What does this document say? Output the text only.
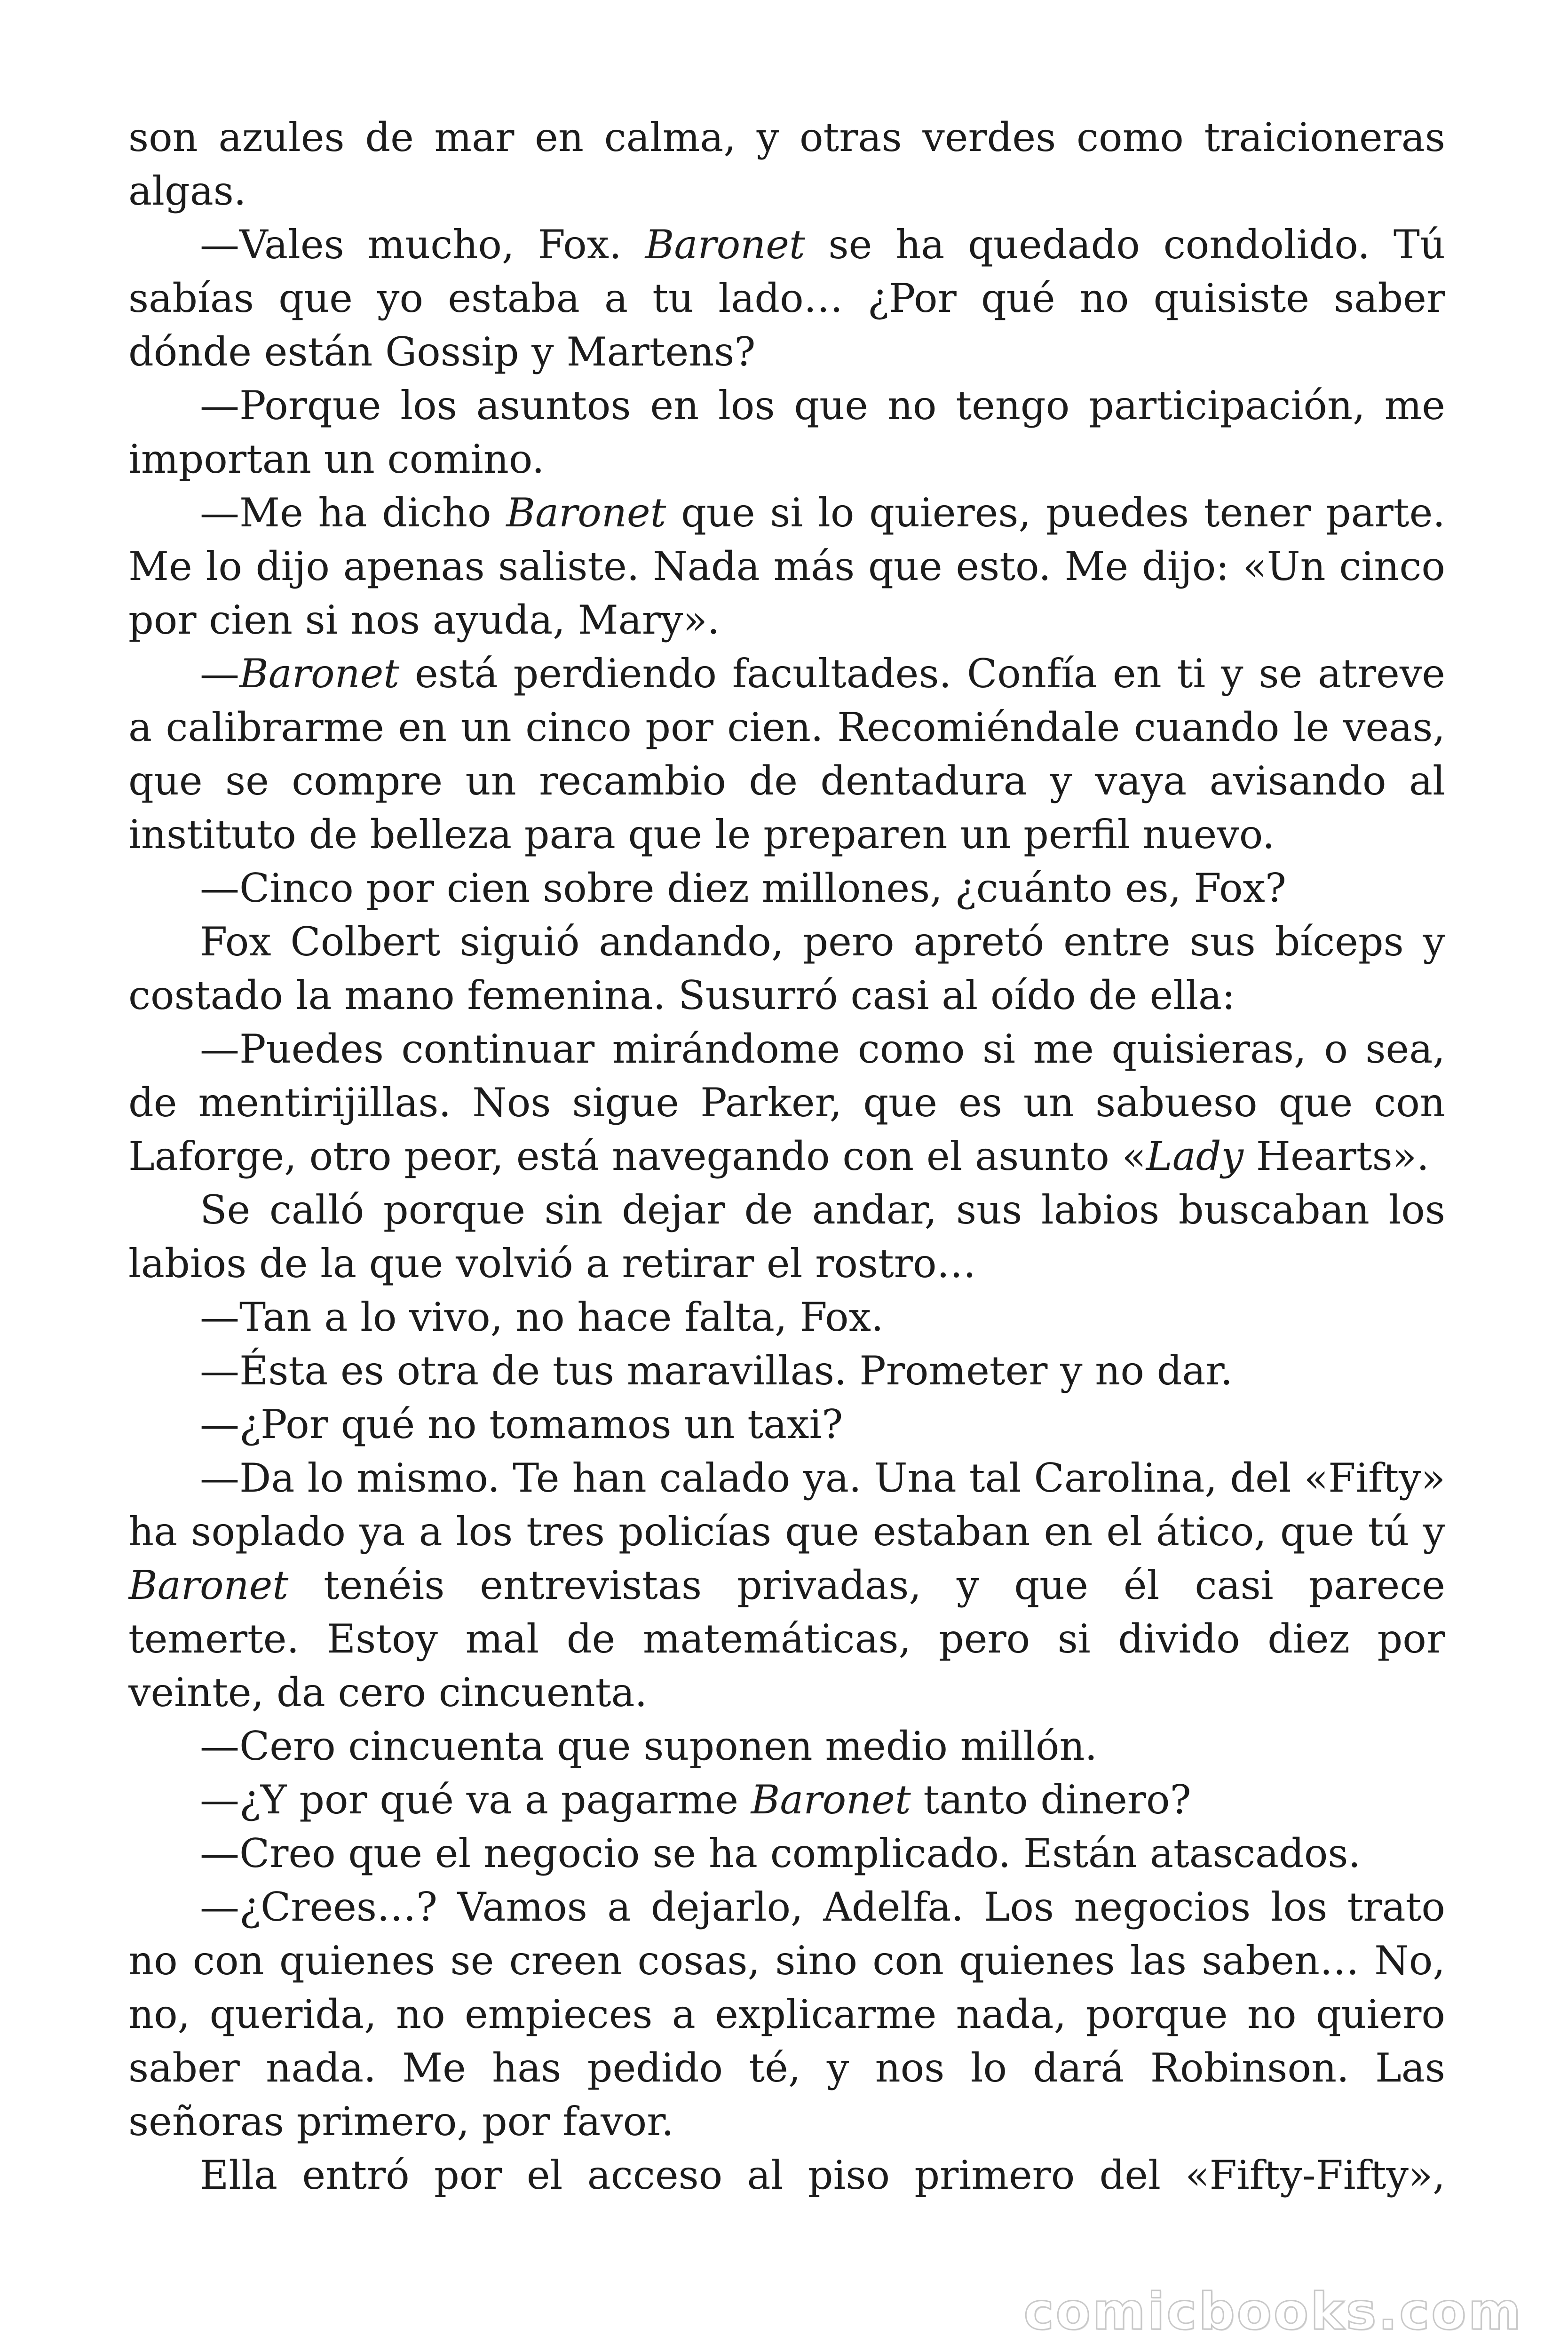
son azules de mar en calma, y otras verdes como traicioneras algas.

—Vales mucho, Fox. Baronet se ha quedado condolido. Tú sabías que yo estaba a tu lado… ¿Por qué no quisiste saber dónde están Gossip y Martens?

—Porque los asuntos en los que no tengo participación, me importan un comino.

—Me ha dicho Baronet que si lo quieres, puedes tener parte. Me lo dijo apenas saliste. Nada más que esto. Me dijo: «Un cinco por cien si nos ayuda, Mary».

—Baronet está perdiendo facultades. Confía en ti y se atreve a calibrarme en un cinco por cien. Recomiéndale cuando le veas, que se compre un recambio de dentadura y vaya avisando al instituto de belleza para que le preparen un perfil nuevo.

—Cinco por cien sobre diez millones, ¿cuánto es, Fox?

Fox Colbert siguió andando, pero apretó entre sus bíceps y costado la mano femenina. Susurró casi al oído de ella:

—Puedes continuar mirándome como si me quisieras, o sea, de mentirijillas. Nos sigue Parker, que es un sabueso que con Laforge, otro peor, está navegando con el asunto «Lady Hearts».

Se calló porque sin dejar de andar, sus labios buscaban los labios de la que volvió a retirar el rostro…

—Tan a lo vivo, no hace falta, Fox.

—Ésta es otra de tus maravillas. Prometer y no dar.

—¿Por qué no tomamos un taxi?

—Da lo mismo. Te han calado ya. Una tal Carolina, del «Fifty» ha soplado ya a los tres policías que estaban en el ático, que tú y Baronet tenéis entrevistas privadas, y que él casi parece temerte. Estoy mal de matemáticas, pero si divido diez por veinte, da cero cincuenta.

—Cero cincuenta que suponen medio millón.

—¿Y por qué va a pagarme Baronet tanto dinero?

—Creo que el negocio se ha complicado. Están atascados.

—¿Crees…? Vamos a dejarlo, Adelfa. Los negocios los trato no con quienes se creen cosas, sino con quienes las saben… No, no, querida, no empieces a explicarme nada, porque no quiero saber nada. Me has pedido té, y nos lo dará Robinson. Las señoras primero, por favor.

Ella entró por el acceso al piso primero del «Fifty-Fifty»,

comicbooks.com
